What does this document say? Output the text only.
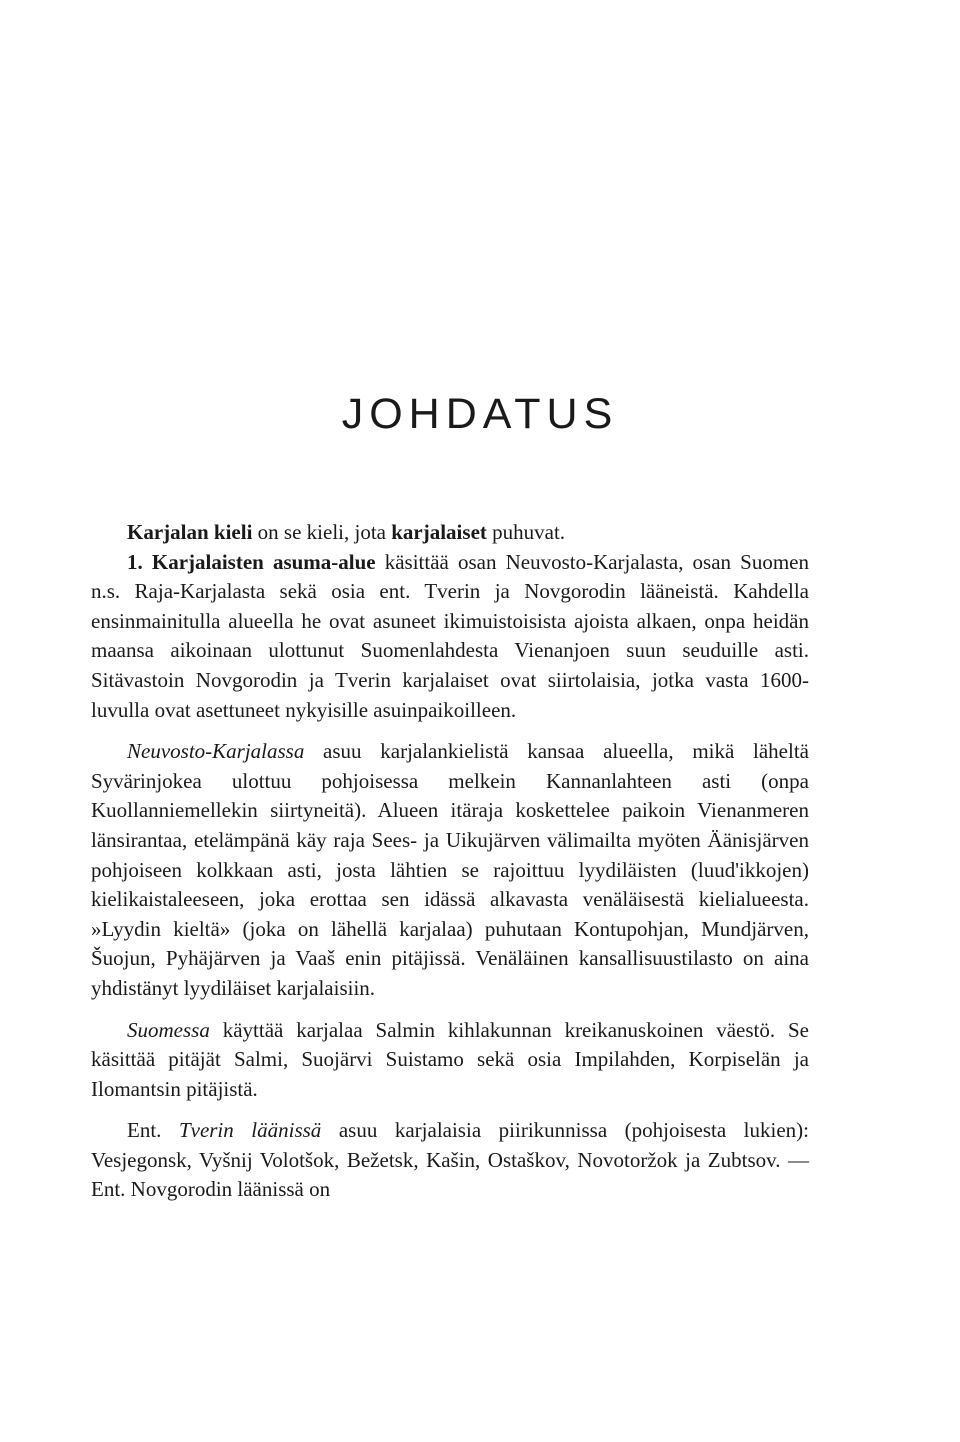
JOHDATUS

Karjalan kieli on se kieli, jota karjalaiset puhuvat.

1. Karjalaisten asuma-alue käsittää osan Neuvosto-Karjalasta, osan Suomen n.s. Raja-Karjalasta sekä osia ent. Tverin ja Novgorodin lääneistä. Kahdella ensinmainitulla alueella he ovat asuneet ikimuistoisista ajoista alkaen, onpa heidän maansa aikoinaan ulottunut Suomenlahdesta Vienanjoen suun seuduille asti. Sitävastoin Novgorodin ja Tverin karjalaiset ovat siirtolaisia, jotka vasta 1600-luvulla ovat asettuneet nykyisille asuinpaikoilleen.

Neuvosto-Karjalassa asuu karjalankielistä kansaa alueella, mikä läheltä Syvärinjokea ulottuu pohjoisessa melkein Kannanlahteen asti (onpa Kuollanniemellekin siirtyneitä). Alueen itäraja koskettelee paikoin Vienanmeren länsirantaa, etelämpänä käy raja Sees- ja Uikujärven välimailta myöten Äänisjärven pohjoiseen kolkkaan asti, josta lähtien se rajoittuu lyydiläisten (luud'ikkojen) kielikaistaleeseen, joka erottaa sen idässä alkavasta venäläisestä kielialueesta. »Lyydin kieltä» (joka on lähellä karjalaa) puhutaan Kontupohjan, Mundjärven, Šuojun, Pyhäjärven ja Vaaš enin pitäjissä. Venäläinen kansallisuustilasto on aina yhdistänyt lyydiläiset karjalaisiin.

Suomessa käyttää karjalaa Salmin kihlakunnan kreikanuskoinen väestö. Se käsittää pitäjät Salmi, Suojärvi Suistamo sekä osia Impilahden, Korpiselän ja Ilomantsin pitäjistä.

Ent. Tverin läänissä asuu karjalaisia piirikunnissa (pohjoisesta lukien): Vesjegonsk, Vyšnij Volotšok, Bežetsk, Kašin, Ostaškov, Novotoržok ja Zubtsov. — Ent. Novgorodin läänissä on
